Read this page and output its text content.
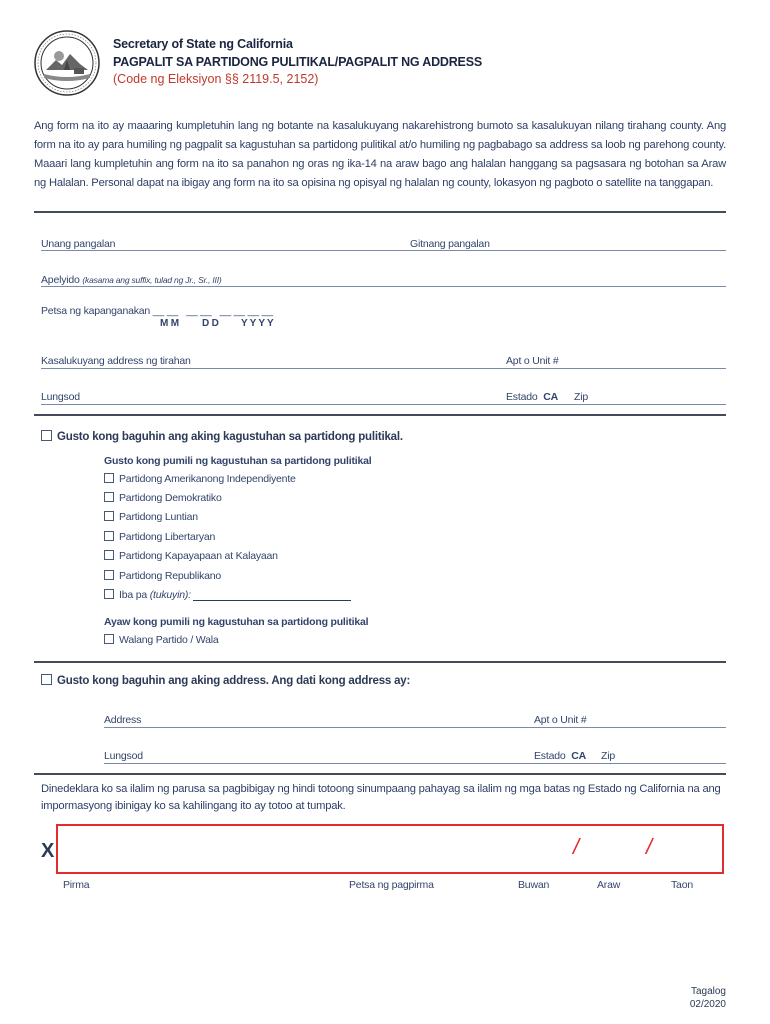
Secretary of State ng California
PAGPALIT SA PARTIDONG PULITIKAL/PAGPALIT NG ADDRESS
(Code ng Eleksiyon §§ 2119.5, 2152)
Ang form na ito ay maaaring kumpletuhin lang ng botante na kasalukuyang nakarehistrong bumoto sa kasalukuyan nilang tirahang county. Ang form na ito ay para humiling ng pagpalit sa kagustuhan sa partidong pulitikal at/o humiling ng pagbabago sa address sa loob ng parehong county. Maaari lang kumpletuhin ang form na ito sa panahon ng oras ng ika-14 na araw bago ang halalan hanggang sa pagsasara ng botohan sa Araw ng Halalan. Personal dapat na ibigay ang form na ito sa opisina ng opisyal ng halalan ng county, lokasyon ng pagboto o satellite na tanggapan.
Unang pangalan	Gitnang pangalan
Apelyido (kasama ang suffix, tulad ng Jr., Sr., III)
Petsa ng kapanganakan __ __   __ __   __ __ __ __
M M D D Y Y Y Y
Kasalukuyang address ng tirahan	Apt o Unit #
Lungsod	Estado CA Zip
Gusto kong baguhin ang aking kagustuhan sa partidong pulitikal.
Gusto kong pumili ng kagustuhan sa partidong pulitikal
Partidong Amerikanong Independiyente
Partidong Demokratiko
Partidong Luntian
Partidong Libertaryan
Partidong Kapayapaan at Kalayaan
Partidong Republikano
Iba pa (tukuyin):
Ayaw kong pumili ng kagustuhan sa partidong pulitikal
Walang Partido / Wala
Gusto kong baguhin ang aking address. Ang dati kong address ay:
Address	Apt o Unit #
Lungsod	Estado CA Zip
Dinedeklara ko sa ilalim ng parusa sa pagbibigay ng hindi totoong sinumpaang pahayag sa ilalim ng mga batas ng Estado ng California na ang impormasyong ibinigay ko sa kahilingang ito ay totoo at tumpak.
X	/	/
Pirma	Petsa ng pagpirma	Buwan	Araw	Taon
Tagalog
02/2020
